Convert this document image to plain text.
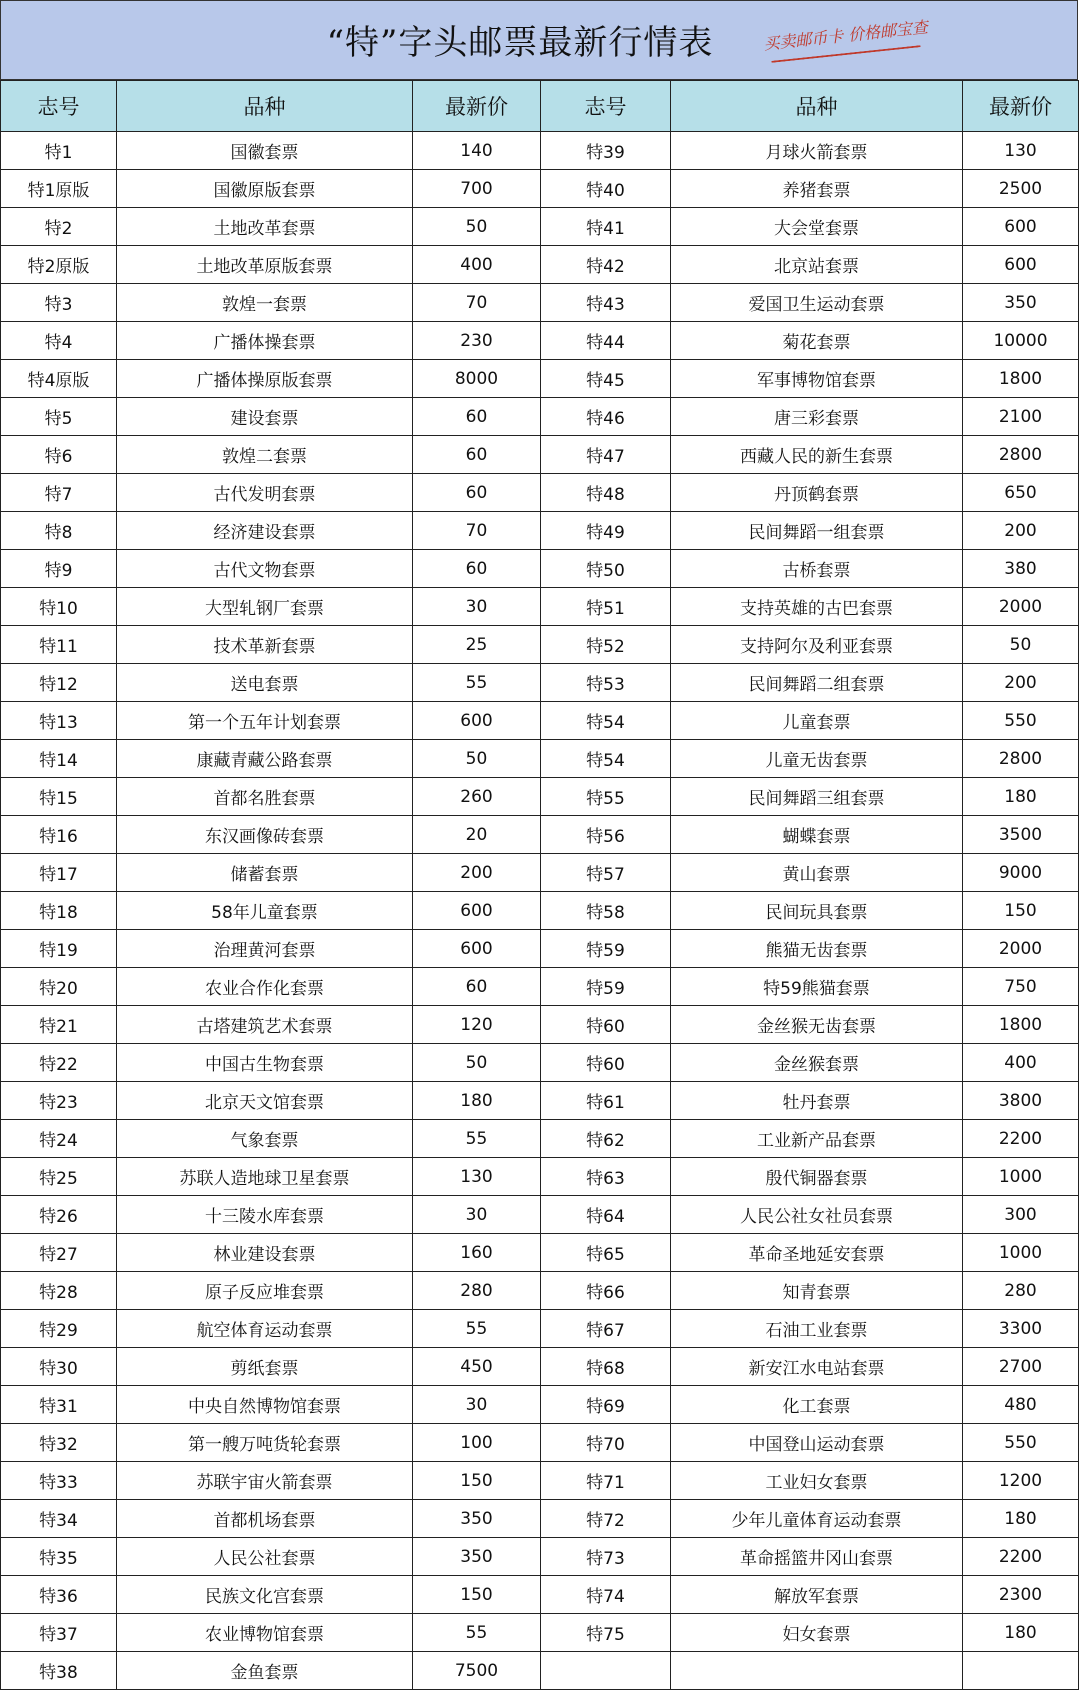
“特”字头邮票最新行情表	买卖邮币卡 价格邮宝查
志号	品种	最新价	志号	品种	最新价
特1	国徽套票	140	特39	月球火箭套票	130
特1原版	国徽原版套票	700	特40	养猪套票	2500
特2	土地改革套票	50	特41	大会堂套票	600
特2原版	土地改革原版套票	400	特42	北京站套票	600
特3	敦煌一套票	70	特43	爱国卫生运动套票	350
特4	广播体操套票	230	特44	菊花套票	10000
特4原版	广播体操原版套票	8000	特45	军事博物馆套票	1800
特5	建设套票	60	特46	唐三彩套票	2100
特6	敦煌二套票	60	特47	西藏人民的新生套票	2800
特7	古代发明套票	60	特48	丹顶鹤套票	650
特8	经济建设套票	70	特49	民间舞蹈一组套票	200
特9	古代文物套票	60	特50	古桥套票	380
特10	大型轧钢厂套票	30	特51	支持英雄的古巴套票	2000
特11	技术革新套票	25	特52	支持阿尔及利亚套票	50
特12	送电套票	55	特53	民间舞蹈二组套票	200
特13	第一个五年计划套票	600	特54	儿童套票	550
特14	康藏青藏公路套票	50	特54	儿童无齿套票	2800
特15	首都名胜套票	260	特55	民间舞蹈三组套票	180
特16	东汉画像砖套票	20	特56	蝴蝶套票	3500
特17	储蓄套票	200	特57	黄山套票	9000
特18	58年儿童套票	600	特58	民间玩具套票	150
特19	治理黄河套票	600	特59	熊猫无齿套票	2000
特20	农业合作化套票	60	特59	特59熊猫套票	750
特21	古塔建筑艺术套票	120	特60	金丝猴无齿套票	1800
特22	中国古生物套票	50	特60	金丝猴套票	400
特23	北京天文馆套票	180	特61	牡丹套票	3800
特24	气象套票	55	特62	工业新产品套票	2200
特25	苏联人造地球卫星套票	130	特63	殷代铜器套票	1000
特26	十三陵水库套票	30	特64	人民公社女社员套票	300
特27	林业建设套票	160	特65	革命圣地延安套票	1000
特28	原子反应堆套票	280	特66	知青套票	280
特29	航空体育运动套票	55	特67	石油工业套票	3300
特30	剪纸套票	450	特68	新安江水电站套票	2700
特31	中央自然博物馆套票	30	特69	化工套票	480
特32	第一艘万吨货轮套票	100	特70	中国登山运动套票	550
特33	苏联宇宙火箭套票	150	特71	工业妇女套票	1200
特34	首都机场套票	350	特72	少年儿童体育运动套票	180
特35	人民公社套票	350	特73	革命摇篮井冈山套票	2200
特36	民族文化宫套票	150	特74	解放军套票	2300
特37	农业博物馆套票	55	特75	妇女套票	180
特38	金鱼套票	7500			
